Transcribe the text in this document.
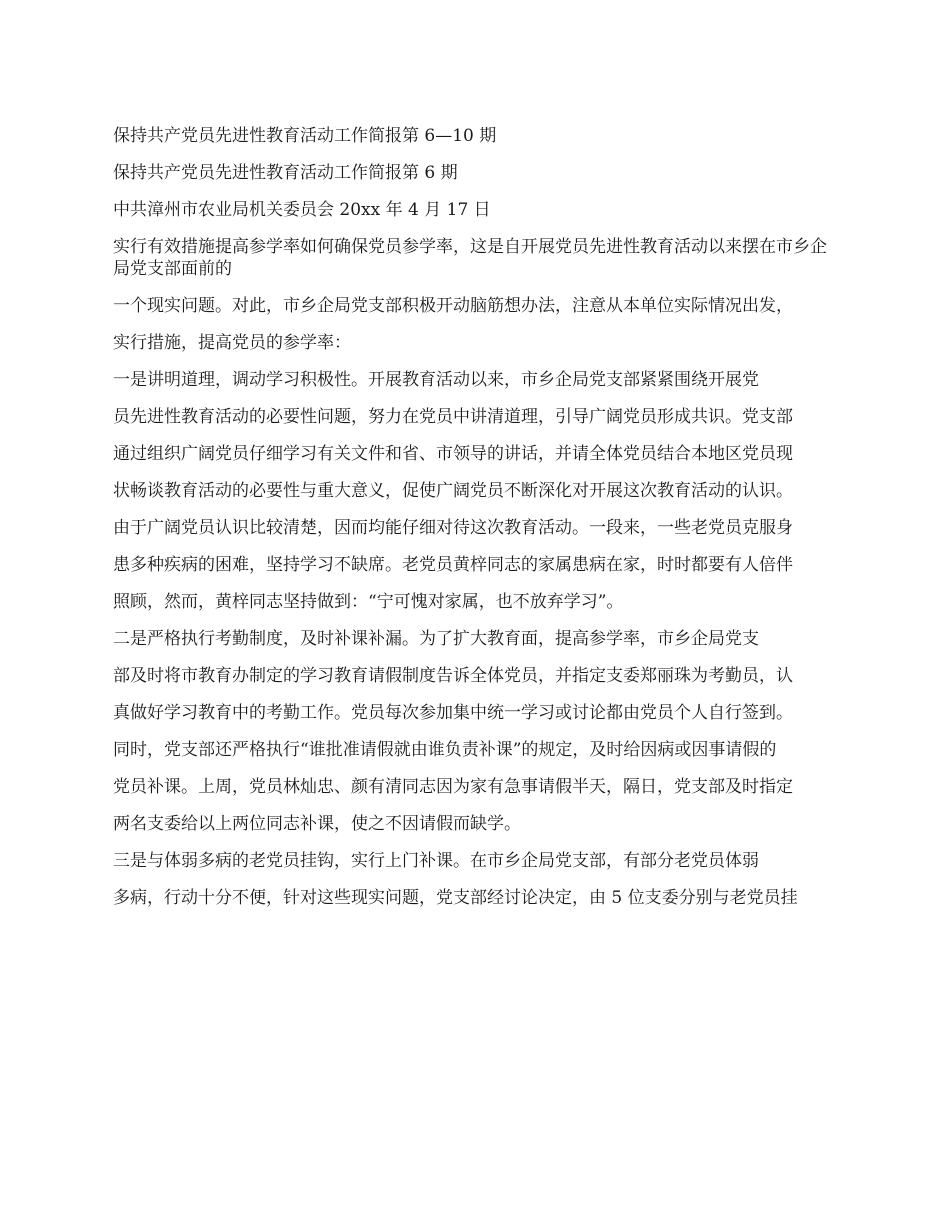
保持共产党员先进性教育活动工作简报第 6—10 期

保持共产党员先进性教育活动工作简报第 6 期

中共漳州市农业局机关委员会 20xx 年 4 月 17 日

实行有效措施提高参学率如何确保党员参学率，这是自开展党员先进性教育活动以来摆在市乡企局党支部面前的

一个现实问题。对此，市乡企局党支部积极开动脑筋想办法，注意从本单位实际情况出发，

实行措施，提高党员的参学率：

一是讲明道理，调动学习积极性。开展教育活动以来，市乡企局党支部紧紧围绕开展党

员先进性教育活动的必要性问题，努力在党员中讲清道理，引导广阔党员形成共识。党支部

通过组织广阔党员仔细学习有关文件和省、市领导的讲话，并请全体党员结合本地区党员现

状畅谈教育活动的必要性与重大意义，促使广阔党员不断深化对开展这次教育活动的认识。

由于广阔党员认识比较清楚，因而均能仔细对待这次教育活动。一段来，一些老党员克服身

患多种疾病的困难，坚持学习不缺席。老党员黄梓同志的家属患病在家，时时都要有人倍伴

照顾，然而，黄梓同志坚持做到：“宁可愧对家属，也不放弃学习”。

二是严格执行考勤制度，及时补课补漏。为了扩大教育面，提高参学率，市乡企局党支

部及时将市教育办制定的学习教育请假制度告诉全体党员，并指定支委郑丽珠为考勤员，认

真做好学习教育中的考勤工作。党员每次参加集中统一学习或讨论都由党员个人自行签到。

同时，党支部还严格执行“谁批准请假就由谁负责补课”的规定，及时给因病或因事请假的

党员补课。上周，党员林灿忠、颜有清同志因为家有急事请假半天，隔日，党支部及时指定

两名支委给以上两位同志补课，使之不因请假而缺学。

三是与体弱多病的老党员挂钩，实行上门补课。在市乡企局党支部，有部分老党员体弱

多病，行动十分不便，针对这些现实问题，党支部经讨论决定，由 5 位支委分别与老党员挂
